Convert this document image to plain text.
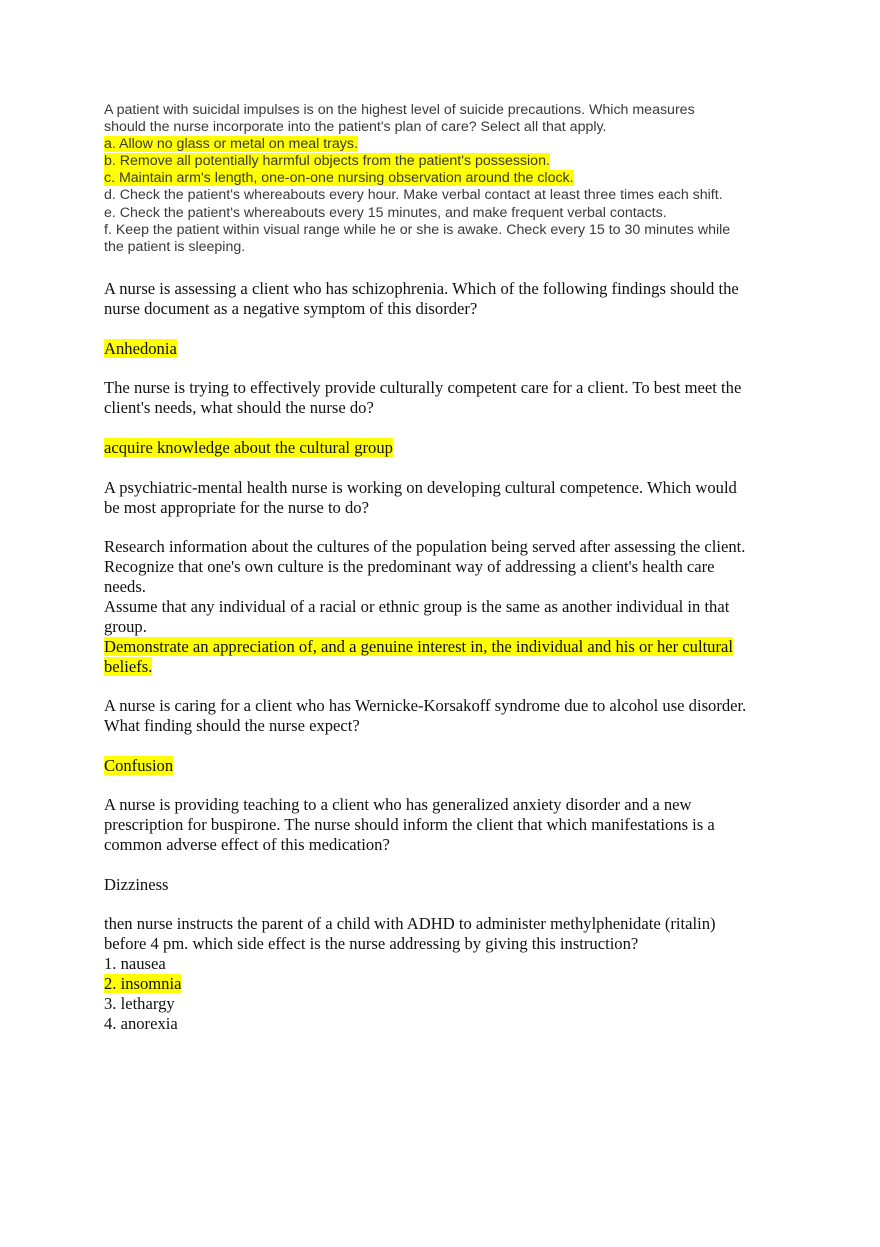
A patient with suicidal impulses is on the highest level of suicide precautions. Which measures
should the nurse incorporate into the patient's plan of care? Select all that apply.
a. Allow no glass or metal on meal trays.
b. Remove all potentially harmful objects from the patient's possession.
c. Maintain arm's length, one-on-one nursing observation around the clock.
d. Check the patient's whereabouts every hour. Make verbal contact at least three times each shift.
e. Check the patient's whereabouts every 15 minutes, and make frequent verbal contacts.
f. Keep the patient within visual range while he or she is awake. Check every 15 to 30 minutes while
the patient is sleeping.
A nurse is assessing a client who has schizophrenia. Which of the following findings should the
nurse document as a negative symptom of this disorder?
Anhedonia
The nurse is trying to effectively provide culturally competent care for a client. To best meet the
client's needs, what should the nurse do?
acquire knowledge about the cultural group
A psychiatric-mental health nurse is working on developing cultural competence. Which would
be most appropriate for the nurse to do?
Research information about the cultures of the population being served after assessing the client.
Recognize that one's own culture is the predominant way of addressing a client's health care
needs.
Assume that any individual of a racial or ethnic group is the same as another individual in that
group.
Demonstrate an appreciation of, and a genuine interest in, the individual and his or her cultural
beliefs.
A nurse is caring for a client who has Wernicke-Korsakoff syndrome due to alcohol use disorder.
What finding should the nurse expect?
Confusion
A nurse is providing teaching to a client who has generalized anxiety disorder and a new
prescription for buspirone. The nurse should inform the client that which manifestations is a
common adverse effect of this medication?
Dizziness
then nurse instructs the parent of a child with ADHD to administer methylphenidate (ritalin)
before 4 pm. which side effect is the nurse addressing by giving this instruction?
1. nausea
2. insomnia
3. lethargy
4. anorexia
